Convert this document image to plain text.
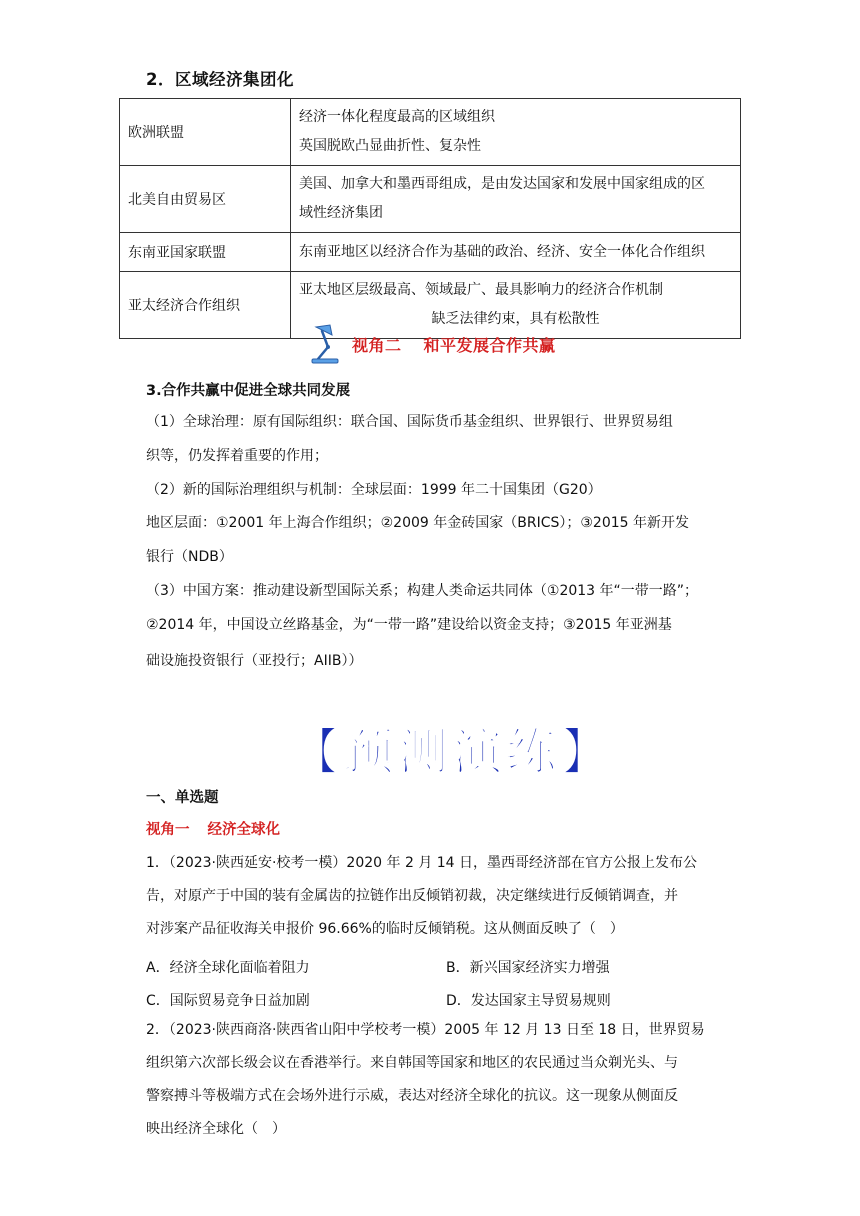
2．区域经济集团化
欧洲联盟	经济一体化程度最高的区域组织
英国脱欧凸显曲折性、复杂性

北美自由贸易区	美国、加拿大和墨西哥组成，是由发达国家和发展中国家组成的区
域性经济集团

东南亚国家联盟	东南亚地区以经济合作为基础的政治、经济、安全一体化合作组织

亚太经济合作组织	亚太地区层级最高、领域最广、最具影响力的经济合作机制
缺乏法律约束，具有松散性
视角二 和平发展合作共赢
3.合作共赢中促进全球共同发展
（1）全球治理：原有国际组织：联合国、国际货币基金组织、世界银行、世界贸易组
织等，仍发挥着重要的作用；
（2）新的国际治理组织与机制：全球层面：1999 年二十国集团（G20）
地区层面：①2001 年上海合作组织；②2009 年金砖国家（BRICS）；③2015 年新开发
银行（NDB）
（3）中国方案：推动建设新型国际关系；构建人类命运共同体（①2013 年“一带一路”；
②2014 年，中国设立丝路基金，为“一带一路”建设给以资金支持；③2015 年亚洲基
础设施投资银行（亚投行；AIIB））
【预测演练】
一、单选题
视角一 经济全球化
1．（2023·陕西延安·校考一模）2020 年 2 月 14 日，墨西哥经济部在官方公报上发布公
告，对原产于中国的装有金属齿的拉链作出反倾销初裁，决定继续进行反倾销调查，并
对涉案产品征收海关申报价 96.66%的临时反倾销税。这从侧面反映了（　）
A．经济全球化面临着阻力	B．新兴国家经济实力增强
C．国际贸易竞争日益加剧	D．发达国家主导贸易规则
2．（2023·陕西商洛·陕西省山阳中学校考一模）2005 年 12 月 13 日至 18 日，世界贸易
组织第六次部长级会议在香港举行。来自韩国等国家和地区的农民通过当众剃光头、与
警察搏斗等极端方式在会场外进行示威，表达对经济全球化的抗议。这一现象从侧面反
映出经济全球化（　）
